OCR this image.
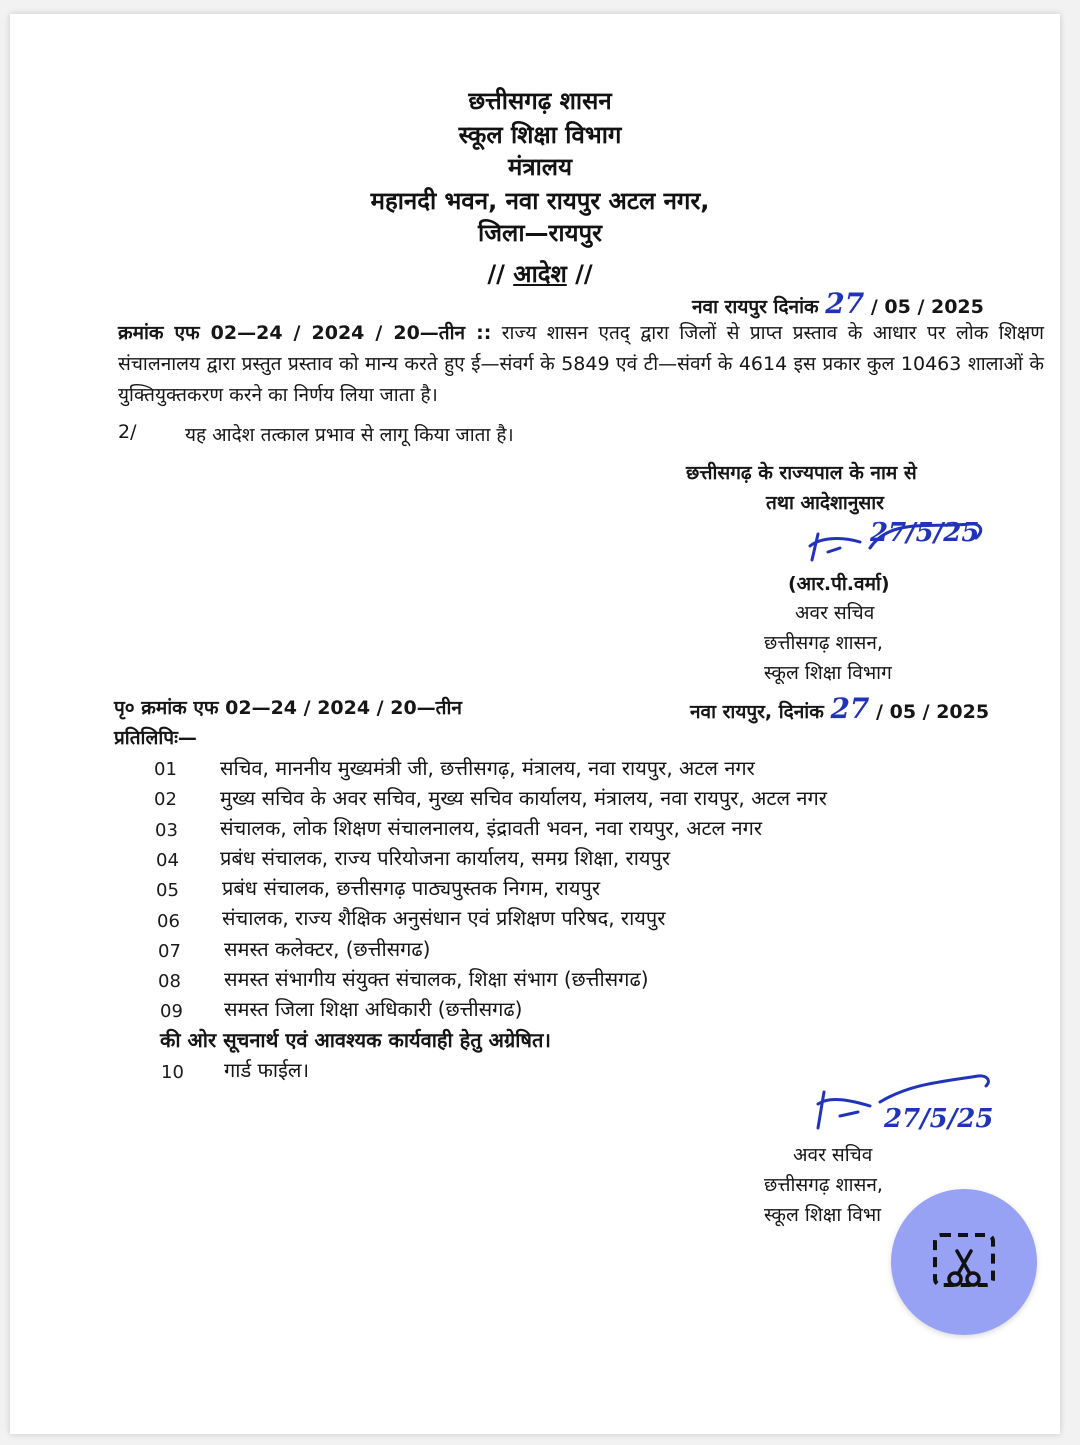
छत्तीसगढ़ शासन
स्कूल शिक्षा विभाग
मंत्रालय
महानदी भवन, नवा रायपुर अटल नगर,
जिला—रायपुर
// आदेश //
नवा रायपुर दिनांक 27 / 05 / 2025
क्रमांक एफ 02—24 / 2024 / 20—तीन :: राज्य शासन एतद् द्वारा जिलों से प्राप्त प्रस्ताव के आधार पर लोक शिक्षण संचालनालय द्वारा प्रस्तुत प्रस्ताव को मान्य करते हुए ई—संवर्ग के 5849 एवं टी—संवर्ग के 4614 इस प्रकार कुल 10463 शालाओं के युक्तियुक्तकरण करने का निर्णय लिया जाता है।
2/	यह आदेश तत्काल प्रभाव से लागू किया जाता है।
छत्तीसगढ़ के राज्यपाल के नाम से
तथा आदेशानुसार
27/5/25
(आर.पी.वर्मा)
अवर सचिव
छत्तीसगढ़ शासन,
स्कूल शिक्षा विभाग
पृ० क्रमांक एफ 02—24 / 2024 / 20—तीन	नवा रायपुर, दिनांक 27 / 05 / 2025
प्रतिलिपिः—
01 सचिव, माननीय मुख्यमंत्री जी, छत्तीसगढ़, मंत्रालय, नवा रायपुर, अटल नगर
02 मुख्य सचिव के अवर सचिव, मुख्य सचिव कार्यालय, मंत्रालय, नवा रायपुर, अटल नगर
03 संचालक, लोक शिक्षण संचालनालय, इंद्रावती भवन, नवा रायपुर, अटल नगर
04 प्रबंध संचालक, राज्य परियोजना कार्यालय, समग्र शिक्षा, रायपुर
05 प्रबंध संचालक, छत्तीसगढ़ पाठ्यपुस्तक निगम, रायपुर
06 संचालक, राज्य शैक्षिक अनुसंधान एवं प्रशिक्षण परिषद, रायपुर
07 समस्त कलेक्टर, (छत्तीसगढ)
08 समस्त संभागीय संयुक्त संचालक, शिक्षा संभाग (छत्तीसगढ)
09 समस्त जिला शिक्षा अधिकारी (छत्तीसगढ)
की ओर सूचनार्थ एवं आवश्यक कार्यवाही हेतु अग्रेषित।
10 गार्ड फाईल।
27/5/25
अवर सचिव
छत्तीसगढ़ शासन,
स्कूल शिक्षा विभा
